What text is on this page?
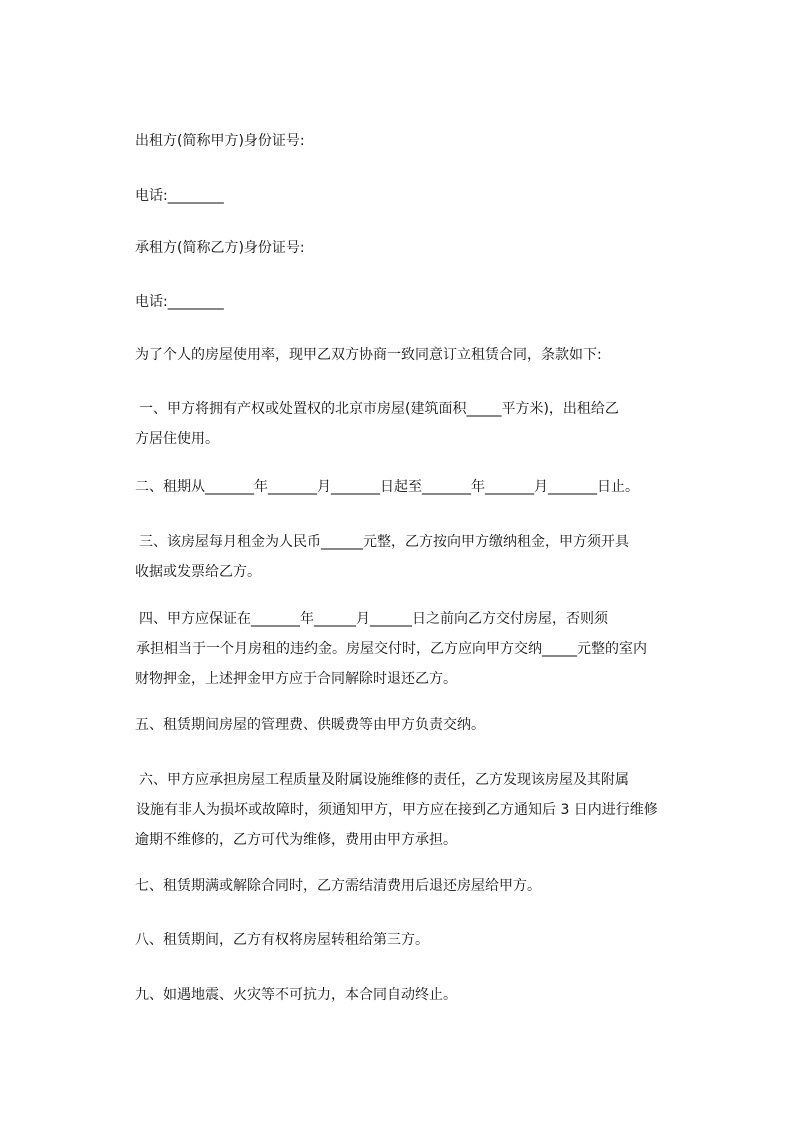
出租方(简称甲方)身份证号:

电话:________

承租方(简称乙方)身份证号:

电话:________

为了个人的房屋使用率，现甲乙双方协商一致同意订立租赁合同，条款如下:

一、甲方将拥有产权或处置权的北京市房屋(建筑面积_____平方米)，出租给乙
方居住使用。

二、租期从_______年_______月_______日起至_______年_______月_______日止。

三、该房屋每月租金为人民币______元整，乙方按向甲方缴纳租金，甲方须开具
收据或发票给乙方。

四、甲方应保证在_______年______月______日之前向乙方交付房屋，否则须
承担相当于一个月房租的违约金。房屋交付时，乙方应向甲方交纳_____元整的室内
财物押金，上述押金甲方应于合同解除时退还乙方。

五、租赁期间房屋的管理费、供暖费等由甲方负责交纳。

六、甲方应承担房屋工程质量及附属设施维修的责任，乙方发现该房屋及其附属
设施有非人为损坏或故障时，须通知甲方，甲方应在接到乙方通知后 3 日内进行维修
逾期不维修的，乙方可代为维修，费用由甲方承担。

七、租赁期满或解除合同时，乙方需结清费用后退还房屋给甲方。

八、租赁期间，乙方有权将房屋转租给第三方。

九、如遇地震、火灾等不可抗力，本合同自动终止。
